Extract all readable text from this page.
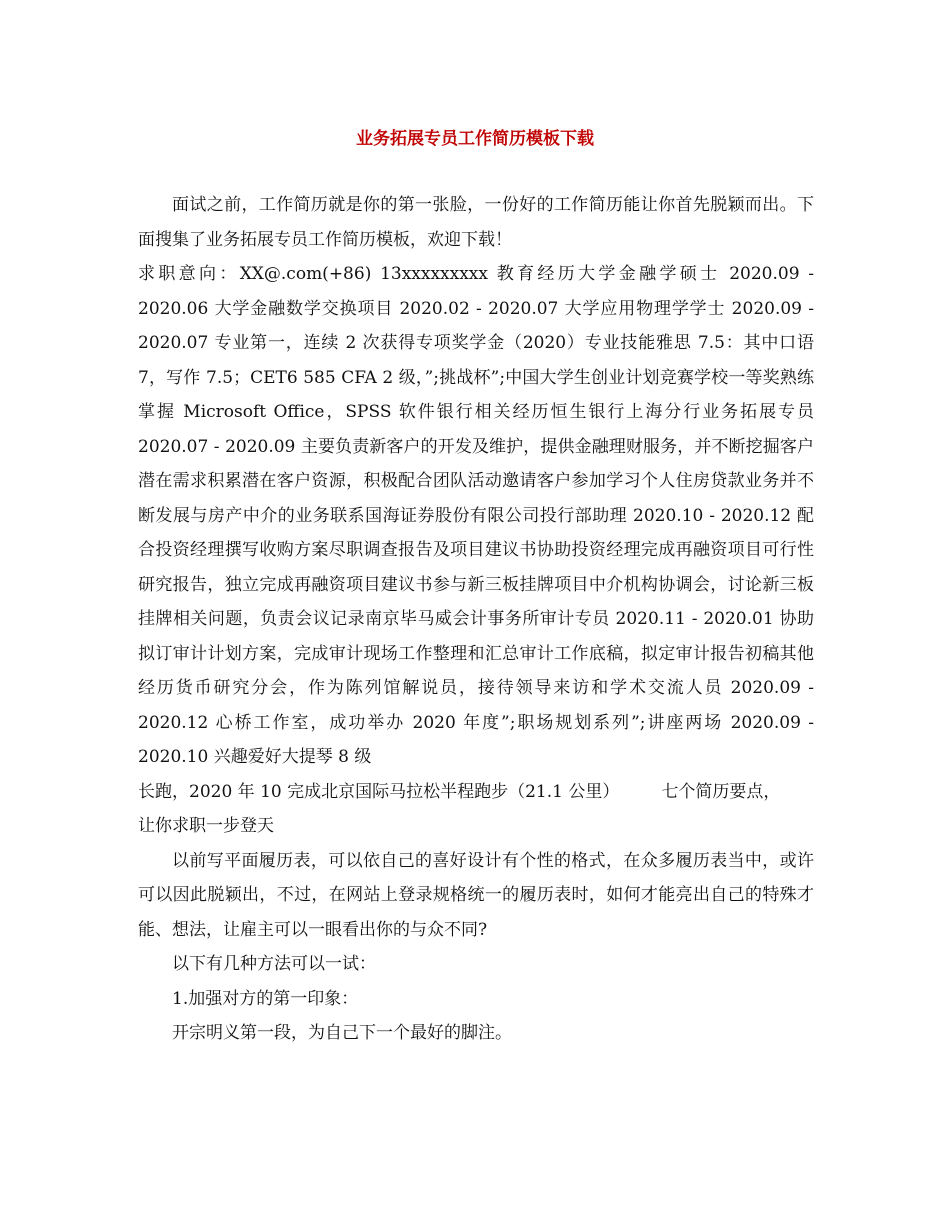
业务拓展专员工作简历模板下载

面试之前，工作简历就是你的第一张脸，一份好的工作简历能让你首先脱颖而出。下面搜集了业务拓展专员工作简历模板，欢迎下载！

求职意向：XX@.com(+86) 13xxxxxxxxx 教育经历大学金融学硕士 2020.09 - 2020.06 大学金融数学交换项目 2020.02 - 2020.07 大学应用物理学学士 2020.09 - 2020.07 专业第一，连续 2 次获得专项奖学金（2020）专业技能雅思 7.5：其中口语 7，写作 7.5；CET6 585 CFA 2 级，”;挑战杯”;中国大学生创业计划竞赛学校一等奖熟练掌握 Microsoft Office，SPSS 软件银行相关经历恒生银行上海分行业务拓展专员 2020.07 - 2020.09 主要负责新客户的开发及维护，提供金融理财服务，并不断挖掘客户潜在需求积累潜在客户资源，积极配合团队活动邀请客户参加学习个人住房贷款业务并不断发展与房产中介的业务联系国海证券股份有限公司投行部助理 2020.10 - 2020.12 配合投资经理撰写收购方案尽职调查报告及项目建议书协助投资经理完成再融资项目可行性研究报告，独立完成再融资项目建议书参与新三板挂牌项目中介机构协调会，讨论新三板挂牌相关问题，负责会议记录南京毕马威会计事务所审计专员 2020.11 - 2020.01 协助拟订审计计划方案，完成审计现场工作整理和汇总审计工作底稿，拟定审计报告初稿其他经历货币研究分会，作为陈列馆解说员，接待领导来访和学术交流人员 2020.09 - 2020.12 心桥工作室，成功举办 2020 年度”;职场规划系列”;讲座两场 2020.09 - 2020.10 兴趣爱好大提琴 8 级

长跑，2020 年 10 完成北京国际马拉松半程跑步（21.1 公里） 七个简历要点，
让你求职一步登天

以前写平面履历表，可以依自己的喜好设计有个性的格式，在众多履历表当中，或许可以因此脱颖出，不过，在网站上登录规格统一的履历表时，如何才能亮出自己的特殊才能、想法，让雇主可以一眼看出你的与众不同?

以下有几种方法可以一试：

1.加强对方的第一印象：

开宗明义第一段，为自己下一个最好的脚注。
